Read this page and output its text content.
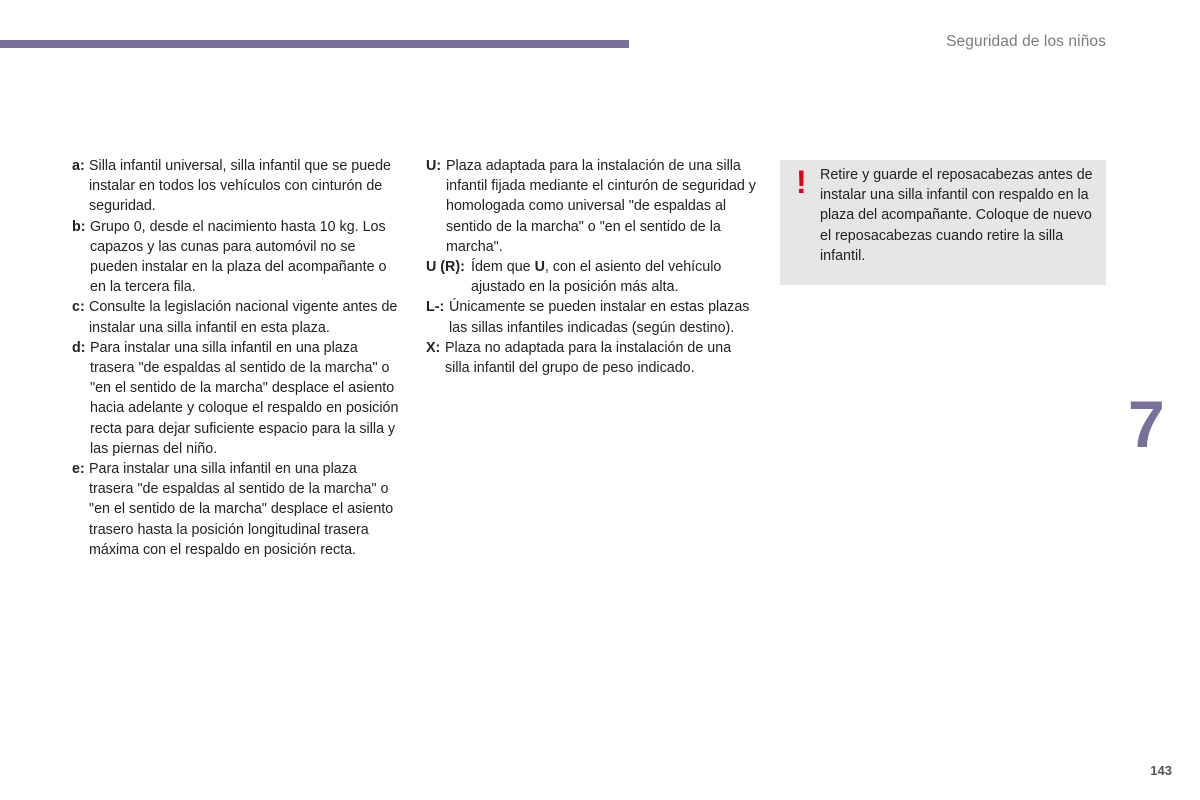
Seguridad de los niños
a: Silla infantil universal, silla infantil que se puede instalar en todos los vehículos con cinturón de seguridad.
b: Grupo 0, desde el nacimiento hasta 10 kg. Los capazos y las cunas para automóvil no se pueden instalar en la plaza del acompañante o en la tercera fila.
c: Consulte la legislación nacional vigente antes de instalar una silla infantil en esta plaza.
d: Para instalar una silla infantil en una plaza trasera "de espaldas al sentido de la marcha" o "en el sentido de la marcha" desplace el asiento hacia adelante y coloque el respaldo en posición recta para dejar suficiente espacio para la silla y las piernas del niño.
e: Para instalar una silla infantil en una plaza trasera "de espaldas al sentido de la marcha" o "en el sentido de la marcha" desplace el asiento trasero hasta la posición longitudinal trasera máxima con el respaldo en posición recta.
U: Plaza adaptada para la instalación de una silla infantil fijada mediante el cinturón de seguridad y homologada como universal "de espaldas al sentido de la marcha" o "en el sentido de la marcha".
U (R): Ídem que U, con el asiento del vehículo ajustado en la posición más alta.
L-: Únicamente se pueden instalar en estas plazas las sillas infantiles indicadas (según destino).
X: Plaza no adaptada para la instalación de una silla infantil del grupo de peso indicado.
! Retire y guarde el reposacabezas antes de instalar una silla infantil con respaldo en la plaza del acompañante. Coloque de nuevo el reposacabezas cuando retire la silla infantil.
7
143
